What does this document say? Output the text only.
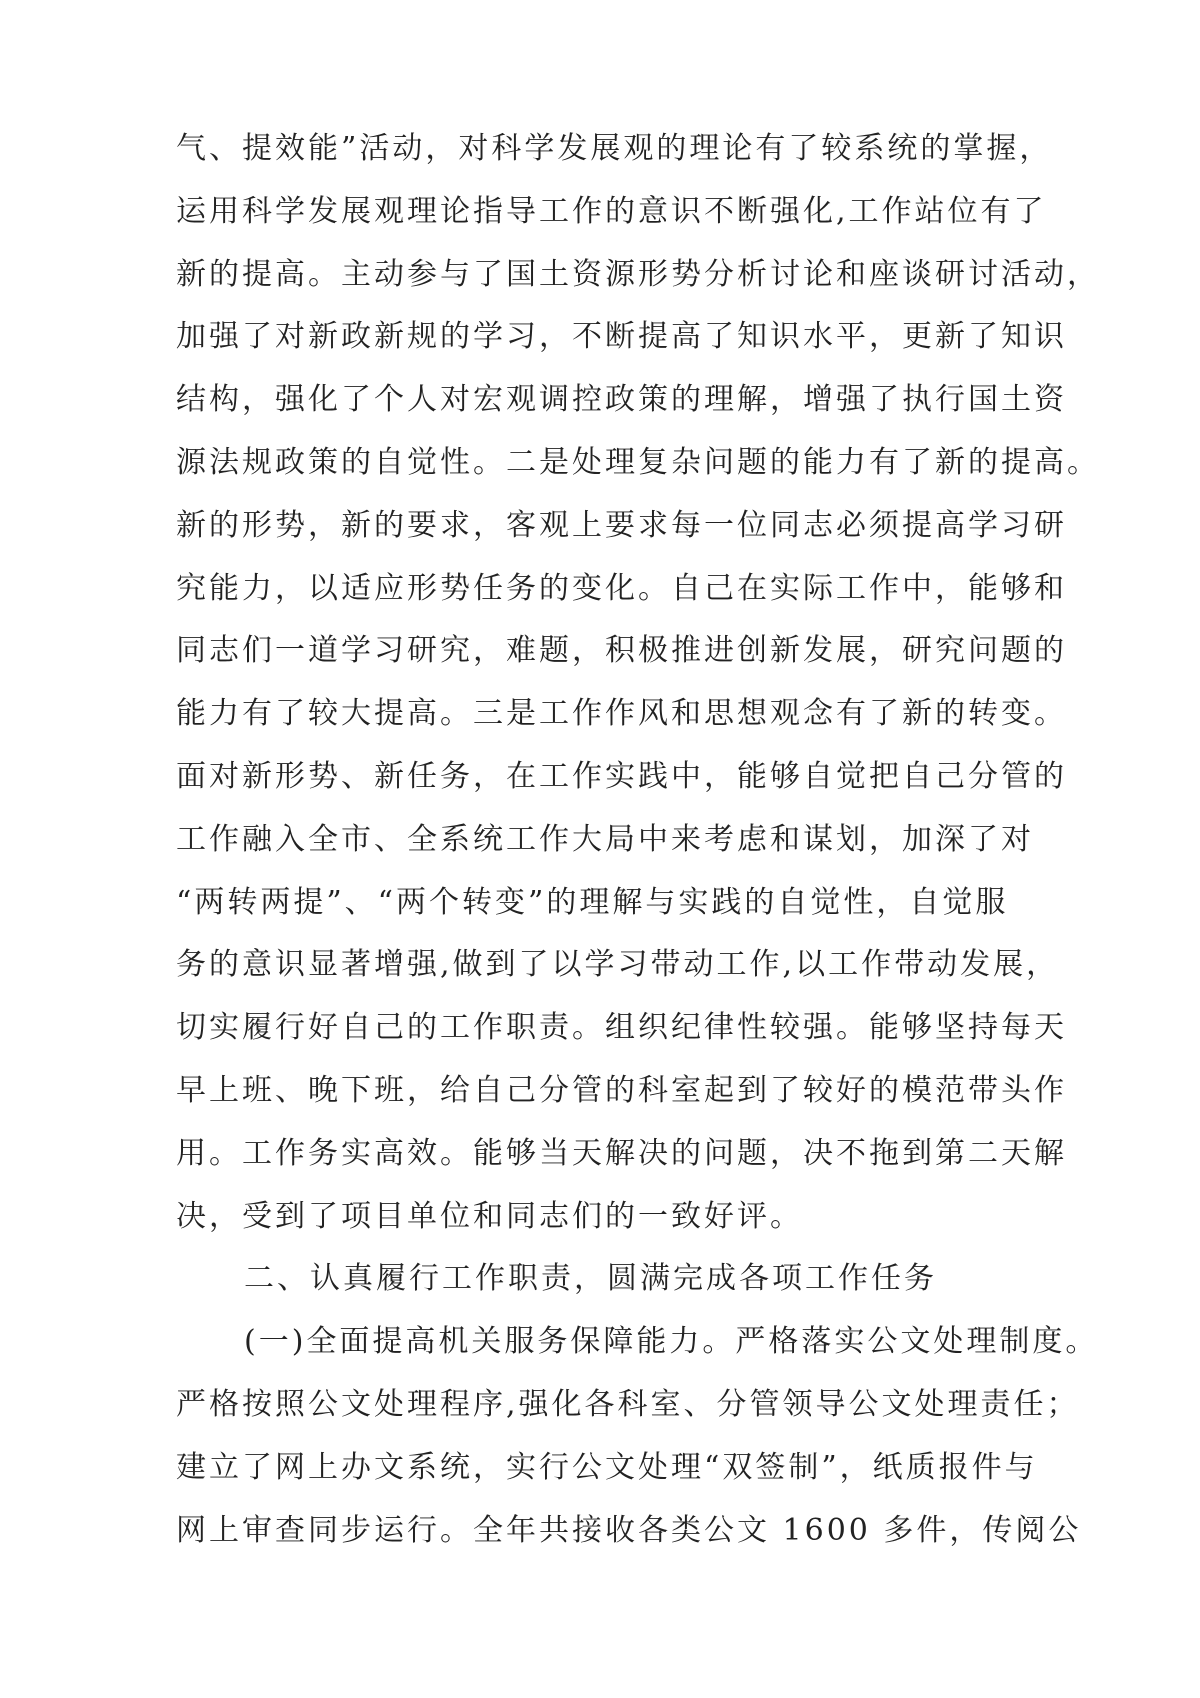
气、提效能”活动，对科学发展观的理论有了较系统的掌握，
运用科学发展观理论指导工作的意识不断强化,工作站位有了
新的提高。主动参与了国土资源形势分析讨论和座谈研讨活动，
加强了对新政新规的学习，不断提高了知识水平，更新了知识
结构，强化了个人对宏观调控政策的理解，增强了执行国土资
源法规政策的自觉性。二是处理复杂问题的能力有了新的提高。
新的形势，新的要求，客观上要求每一位同志必须提高学习研
究能力，以适应形势任务的变化。自己在实际工作中，能够和
同志们一道学习研究，难题，积极推进创新发展，研究问题的
能力有了较大提高。三是工作作风和思想观念有了新的转变。
面对新形势、新任务，在工作实践中，能够自觉把自己分管的
工作融入全市、全系统工作大局中来考虑和谋划，加深了对
“两转两提”、“两个转变”的理解与实践的自觉性，自觉服
务的意识显著增强,做到了以学习带动工作,以工作带动发展，
切实履行好自己的工作职责。组织纪律性较强。能够坚持每天
早上班、晚下班，给自己分管的科室起到了较好的模范带头作
用。工作务实高效。能够当天解决的问题，决不拖到第二天解
决，受到了项目单位和同志们的一致好评。
二、认真履行工作职责，圆满完成各项工作任务
(一)全面提高机关服务保障能力。严格落实公文处理制度。
严格按照公文处理程序,强化各科室、分管领导公文处理责任；
建立了网上办文系统，实行公文处理“双签制”，纸质报件与
网上审查同步运行。全年共接收各类公文 1600 多件，传阅公
